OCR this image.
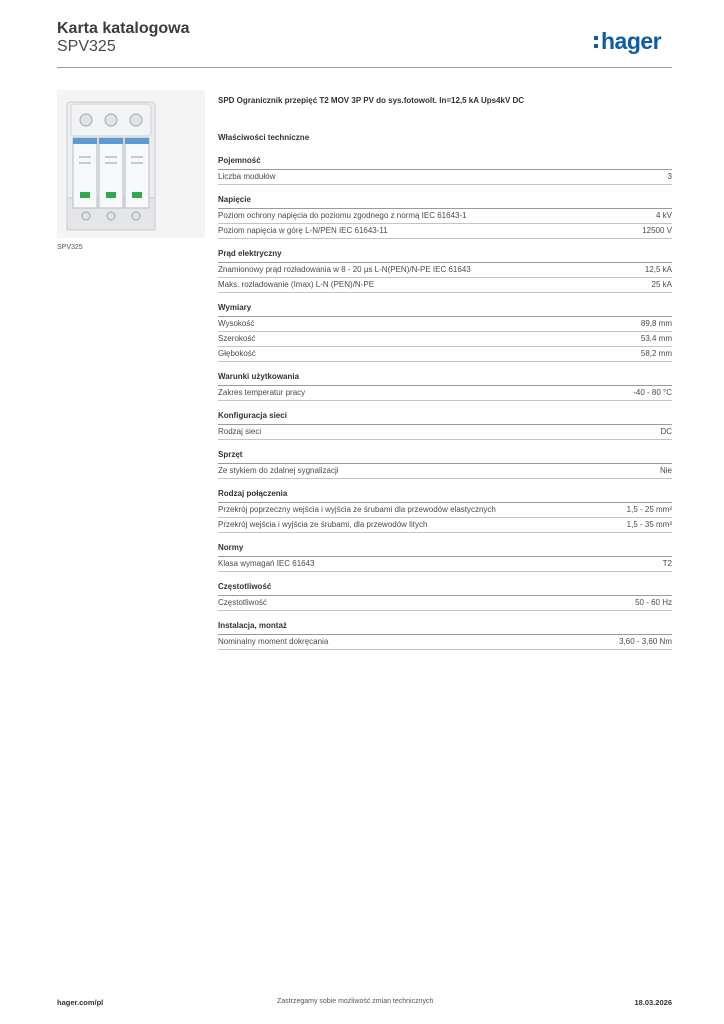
Karta katalogowa
SPV325	hager
SPV325
SPD Ogranicznik przepięć T2 MOV 3P PV do sys.fotowolt. In=12,5 kA Ups4kV DC
Właściwości techniczne
Pojemność
Liczba modułów	3
Napięcie
Poziom ochrony napięcia do poziomu zgodnego z normą IEC 61643-1	4 kV
Poziom napięcia w górę L-N/PEN IEC 61643-11	12500 V
Prąd elektryczny
Znamionowy prąd rozładowania w 8 - 20 µs L-N(PEN)/N-PE IEC 61643	12,5 kA
Maks. rozładowanie (Imax) L-N (PEN)/N-PE	25 kA
Wymiary
Wysokość	89,8 mm
Szerokość	53,4 mm
Głębokość	58,2 mm
Warunki użytkowania
Zakres temperatur pracy	-40 - 80 °C
Konfiguracja sieci
Rodzaj sieci	DC
Sprzęt
Ze stykiem do zdalnej sygnalizacji	Nie
Rodzaj połączenia
Przekrój poprzeczny wejścia i wyjścia ze śrubami dla przewodów elastycznych	1,5 - 25 mm²
Przekrój wejścia i wyjścia ze śrubami, dla przewodów litych	1,5 - 35 mm²
Normy
Klasa wymagań IEC 61643	T2
Częstotliwość
Częstotliwość	50 - 60 Hz
Instalacja, montaż
Nominalny moment dokręcania	3,60 - 3,60 Nm
hager.com/pl	Zastrzegamy sobie możliwość zmian technicznych	18.03.2026
